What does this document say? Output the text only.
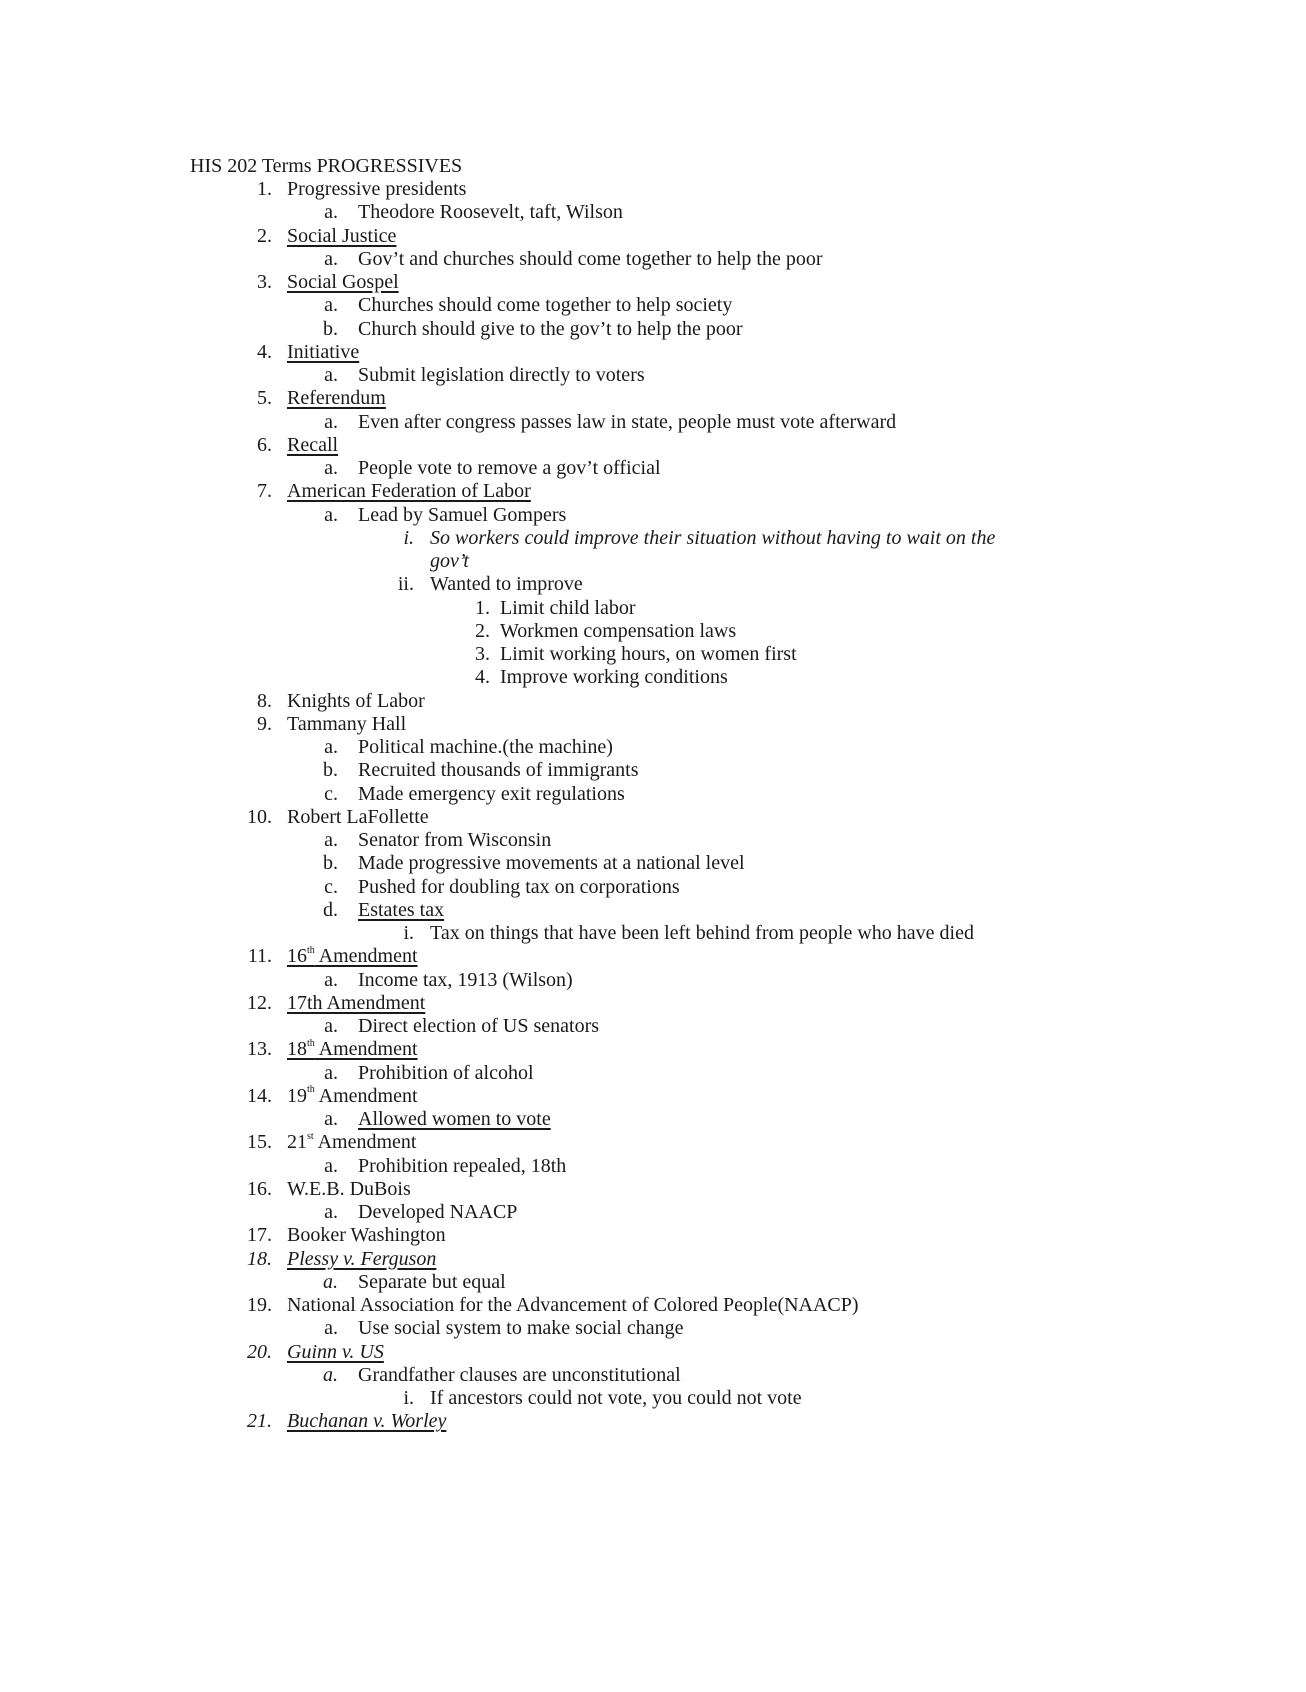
HIS 202 Terms PROGRESSIVES
1. Progressive presidents
a. Theodore Roosevelt, taft, Wilson
2. Social Justice
a. Gov’t and churches should come together to help the poor
3. Social Gospel
a. Churches should come together to help society
b. Church should give to the gov’t to help the poor
4. Initiative
a. Submit legislation directly to voters
5. Referendum
a. Even after congress passes law in state, people must vote afterward
6. Recall
a. People vote to remove a gov’t official
7. American Federation of Labor
a. Lead by Samuel Gompers
i. So workers could improve their situation without having to wait on the
gov’t
ii. Wanted to improve
1. Limit child labor
2. Workmen compensation laws
3. Limit working hours, on women first
4. Improve working conditions
8. Knights of Labor
9. Tammany Hall
a. Political machine.(the machine)
b. Recruited thousands of immigrants
c. Made emergency exit regulations
10. Robert LaFollette
a. Senator from Wisconsin
b. Made progressive movements at a national level
c. Pushed for doubling tax on corporations
d. Estates tax
i. Tax on things that have been left behind from people who have died
11. 16th Amendment
a. Income tax, 1913 (Wilson)
12. 17th Amendment
a. Direct election of US senators
13. 18th Amendment
a. Prohibition of alcohol
14. 19th Amendment
a. Allowed women to vote
15. 21st Amendment
a. Prohibition repealed, 18th
16. W.E.B. DuBois
a. Developed NAACP
17. Booker Washington
18. Plessy v. Ferguson
a. Separate but equal
19. National Association for the Advancement of Colored People(NAACP)
a. Use social system to make social change
20. Guinn v. US
a. Grandfather clauses are unconstitutional
i. If ancestors could not vote, you could not vote
21. Buchanan v. Worley
